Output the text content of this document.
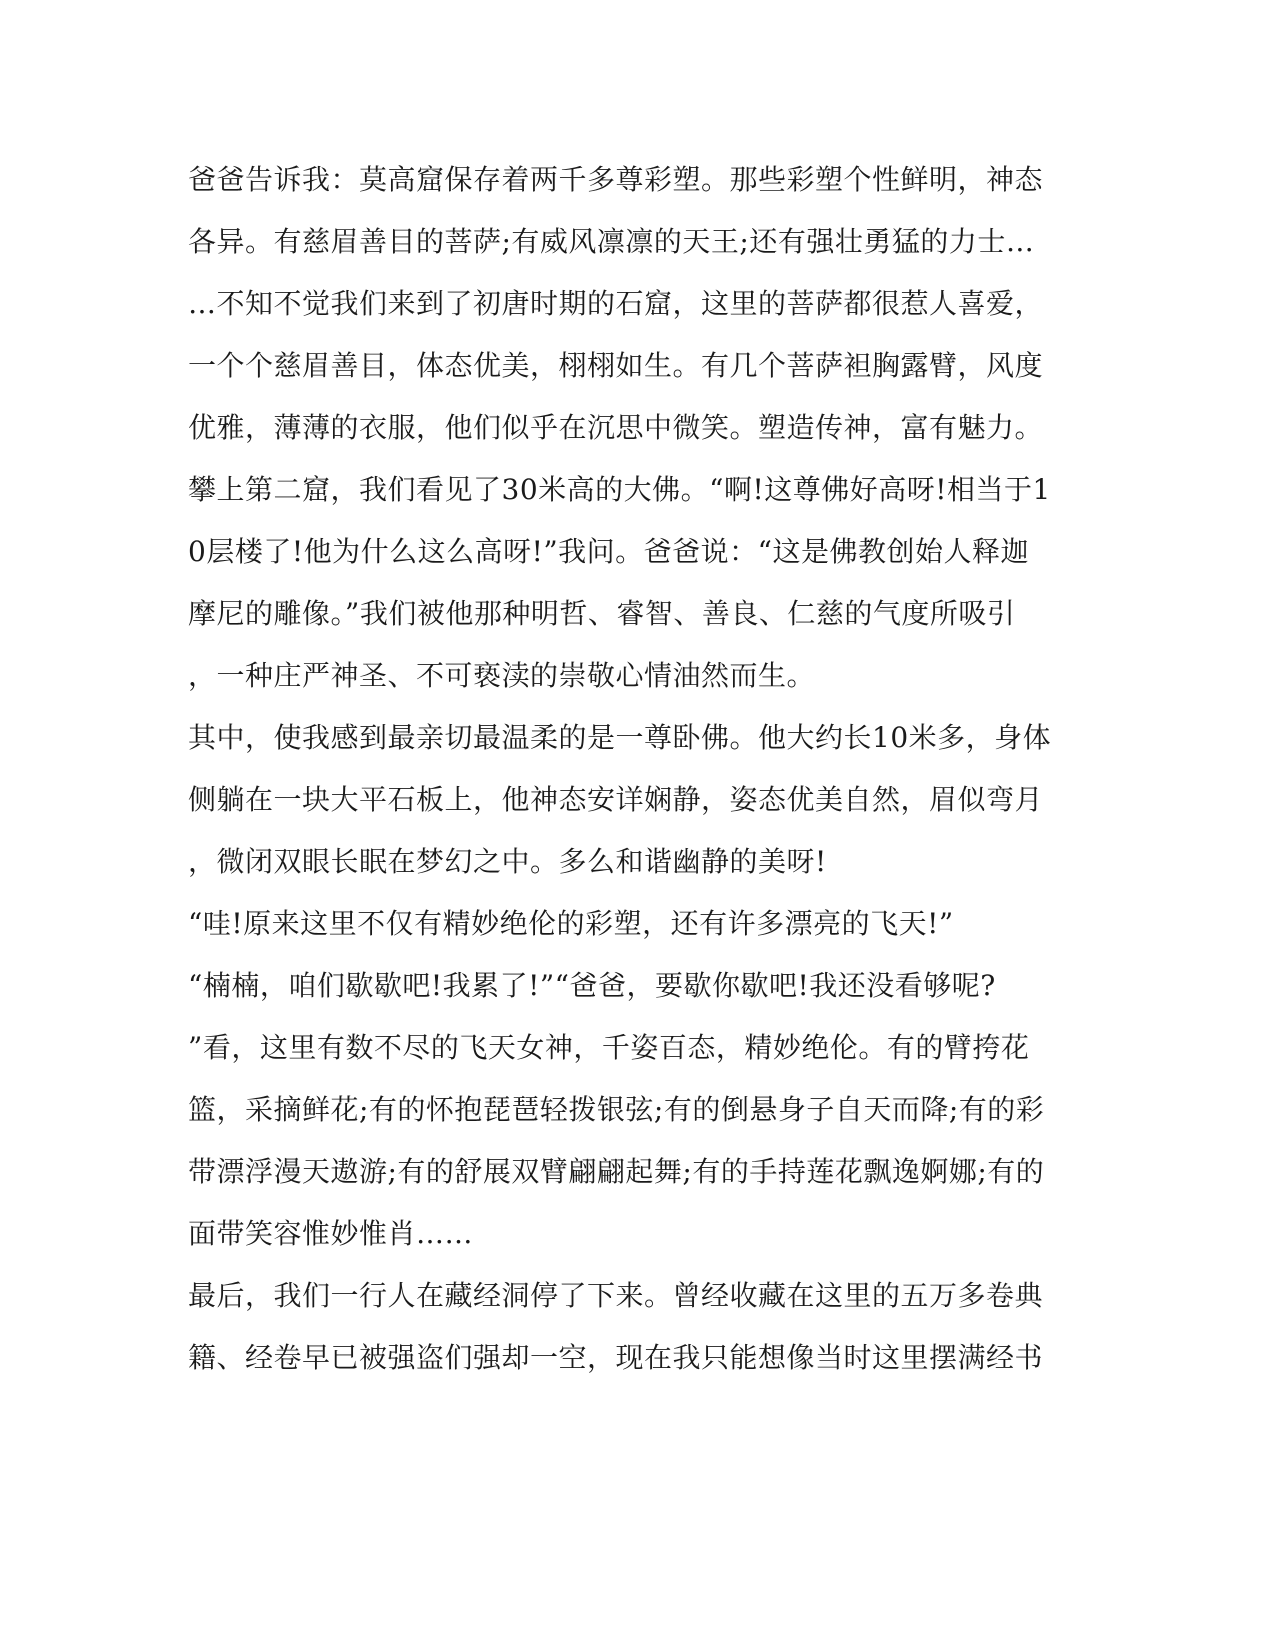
爸爸告诉我：莫高窟保存着两千多尊彩塑。那些彩塑个性鲜明，神态
各异。有慈眉善目的菩萨;有威风凛凛的天王;还有强壮勇猛的力士…
…不知不觉我们来到了初唐时期的石窟，这里的菩萨都很惹人喜爱，
一个个慈眉善目，体态优美，栩栩如生。有几个菩萨袒胸露臂，风度
优雅，薄薄的衣服，他们似乎在沉思中微笑。塑造传神，富有魅力。
攀上第二窟，我们看见了30米高的大佛。“啊!这尊佛好高呀!相当于1
0层楼了!他为什么这么高呀!”我问。爸爸说：“这是佛教创始人释迦
摩尼的雕像。”我们被他那种明哲、睿智、善良、仁慈的气度所吸引
，一种庄严神圣、不可亵渎的崇敬心情油然而生。
其中，使我感到最亲切最温柔的是一尊卧佛。他大约长10米多，身体
侧躺在一块大平石板上，他神态安详娴静，姿态优美自然，眉似弯月
，微闭双眼长眠在梦幻之中。多么和谐幽静的美呀!
“哇!原来这里不仅有精妙绝伦的彩塑，还有许多漂亮的飞天!”
“楠楠，咱们歇歇吧!我累了!”“爸爸，要歇你歇吧!我还没看够呢?
”看，这里有数不尽的飞天女神，千姿百态，精妙绝伦。有的臂挎花
篮，采摘鲜花;有的怀抱琵琶轻拨银弦;有的倒悬身子自天而降;有的彩
带漂浮漫天遨游;有的舒展双臂翩翩起舞;有的手持莲花飘逸婀娜;有的
面带笑容惟妙惟肖……
最后，我们一行人在藏经洞停了下来。曾经收藏在这里的五万多卷典
籍、经卷早已被强盗们强却一空，现在我只能想像当时这里摆满经书
